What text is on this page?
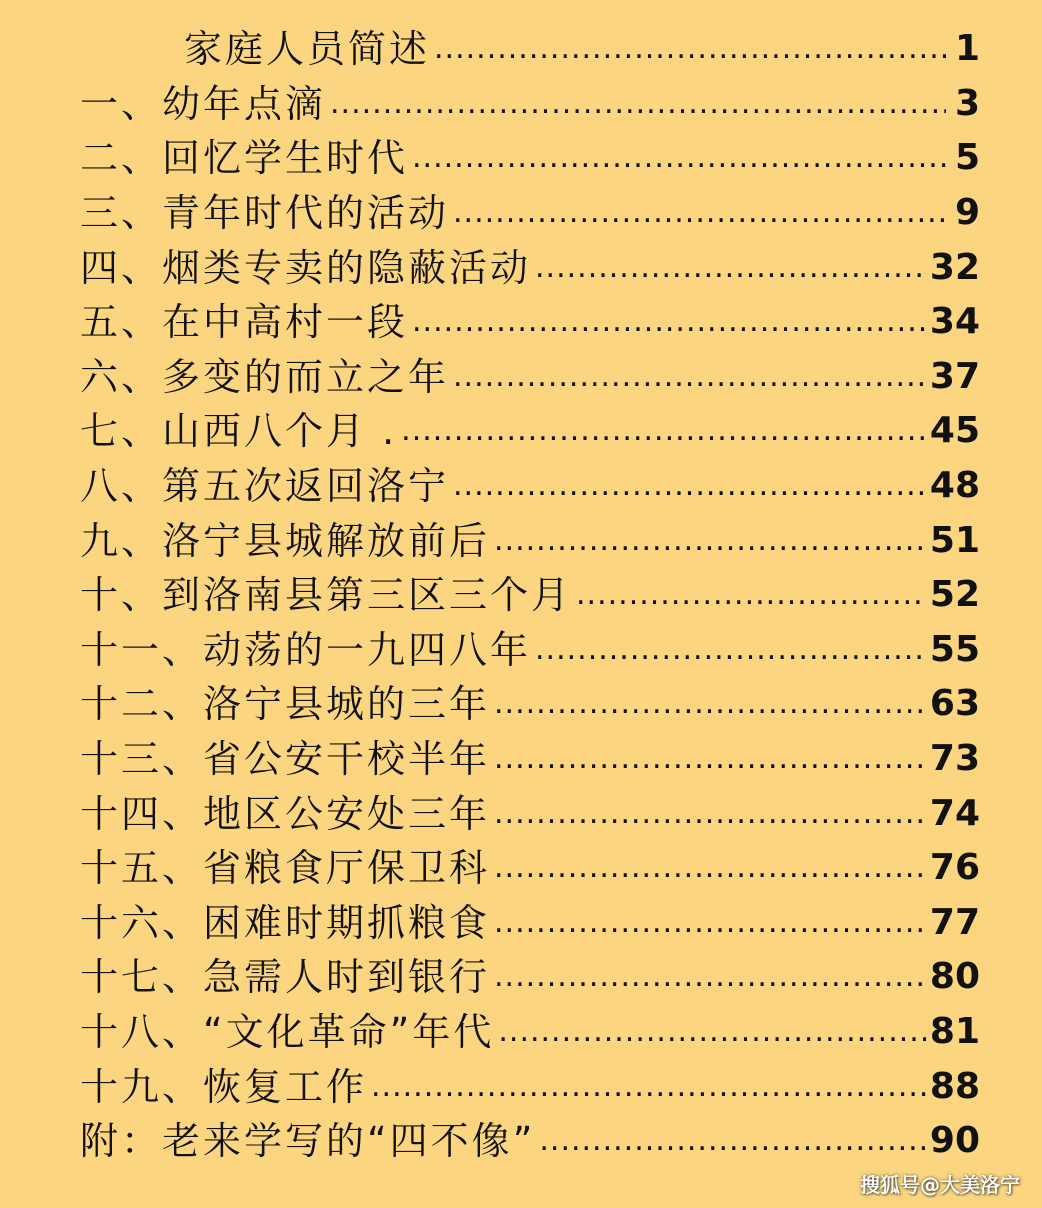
家庭人员简述 .....	1
一、幼年点滴 .....	3
二、回忆学生时代 .....	5
三、青年时代的活动 .....	9
四、烟类专卖的隐蔽活动 .....	32
五、在中高村一段 .....	34
六、多变的而立之年 .....	37
七、山西八个月 . .....	45
八、第五次返回洛宁 .....	48
九、洛宁县城解放前后 .....	51
十、到洛南县第三区三个月 .....	52
十一、动荡的一九四八年 .....	55
十二、洛宁县城的三年 .....	63
十三、省公安干校半年 .....	73
十四、地区公安处三年 .....	74
十五、省粮食厅保卫科 .....	76
十六、困难时期抓粮食 .....	77
十七、急需人时到银行 .....	80
十八、“文化革命”年代 .....	81
十九、恢复工作 .....	88
附：老来学写的“四不像” .....	90
搜狐号@大美洛宁
